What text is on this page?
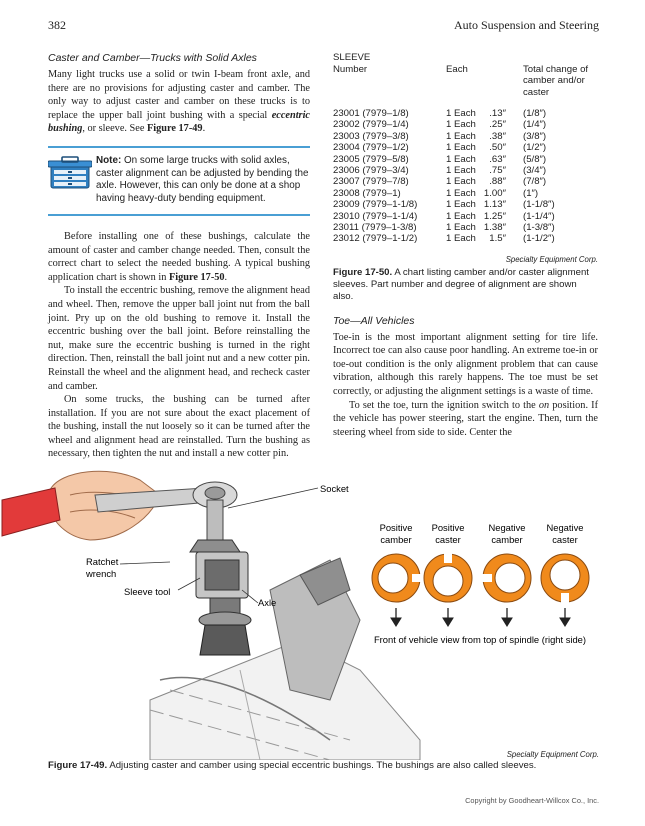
382	Auto Suspension and Steering
Caster and Camber—Trucks with Solid Axles

Many light trucks use a solid or twin I-beam front axle, and there are no provisions for adjusting caster and camber. The only way to adjust caster and camber on these trucks is to replace the upper ball joint bushing with a special eccentric bushing, or sleeve. See Figure 17-49.

Note: On some large trucks with solid axles, caster alignment can be adjusted by bending the axle. However, this can only be done at a shop having heavy-duty bending equipment.

Before installing one of these bushings, calculate the amount of caster and camber change needed. Then, consult the correct chart to select the needed bushing. A typical bushing application chart is shown in Figure 17-50.

To install the eccentric bushing, remove the alignment head and wheel. Then, remove the upper ball joint nut from the ball joint. Pry up on the old bushing to remove it. Install the eccentric bushing over the ball joint. Before reinstalling the nut, make sure the eccentric bushing is turned in the right direction. Then, reinstall the ball joint nut and a new cotter pin. Reinstall the wheel and the alignment head, and recheck caster and camber.

On some trucks, the bushing can be turned after installation. If you are not sure about the exact placement of the bushing, install the nut loosely so it can be turned after the wheel and alignment head are reinstalled. Turn the bushing as necessary, then tighten the nut and install a new cotter pin.

SLEEVE
Number	Each	Total change of
camber and/or
caster
23001 (7979–1/8)	1 Each	.13″ (1/8″)
23002 (7979–1/4)	1 Each	.25″ (1/4″)
23003 (7979–3/8)	1 Each	.38″ (3/8″)
23004 (7979–1/2)	1 Each	.50″ (1/2″)
23005 (7979–5/8)	1 Each	.63″ (5/8″)
23006 (7979–3/4)	1 Each	.75″ (3/4″)
23007 (7979–7/8)	1 Each	.88″ (7/8″)
23008 (7979–1)	1 Each 1.00″ (1″)
23009 (7979–1-1/8)	1 Each 1.13″ (1-1/8″)
23010 (7979–1-1/4)	1 Each 1.25″ (1-1/4″)
23011 (7979–1-3/8)	1 Each 1.38″ (1-3/8″)
23012 (7979–1-1/2)	1 Each	1.5″ (1-1/2″)
Specialty Equipment Corp.
Figure 17-50. A chart listing camber and/or caster alignment sleeves. Part number and degree of alignment are shown also.
Toe—All Vehicles

Toe-in is the most important alignment setting for tire life. Incorrect toe can also cause poor handling. An extreme toe-in or toe-out condition is the only alignment problem that can cause vibration, although this rarely happens. The toe must be set correctly, or adjusting the alignment settings is a waste of time.

To set the toe, turn the ignition switch to the on position. If the vehicle has power steering, start the engine. Then, turn the steering wheel from side to side. Center the

Socket
Ratchet
wrench
Sleeve tool
Axle
Positive
camber
Positive
caster
Negative
camber
Negative
caster
Front of vehicle view from top of spindle (right side)
Specialty Equipment Corp.
Figure 17-49. Adjusting caster and camber using special eccentric bushings. The bushings are also called sleeves.
Copyright by Goodheart-Willcox Co., Inc.
